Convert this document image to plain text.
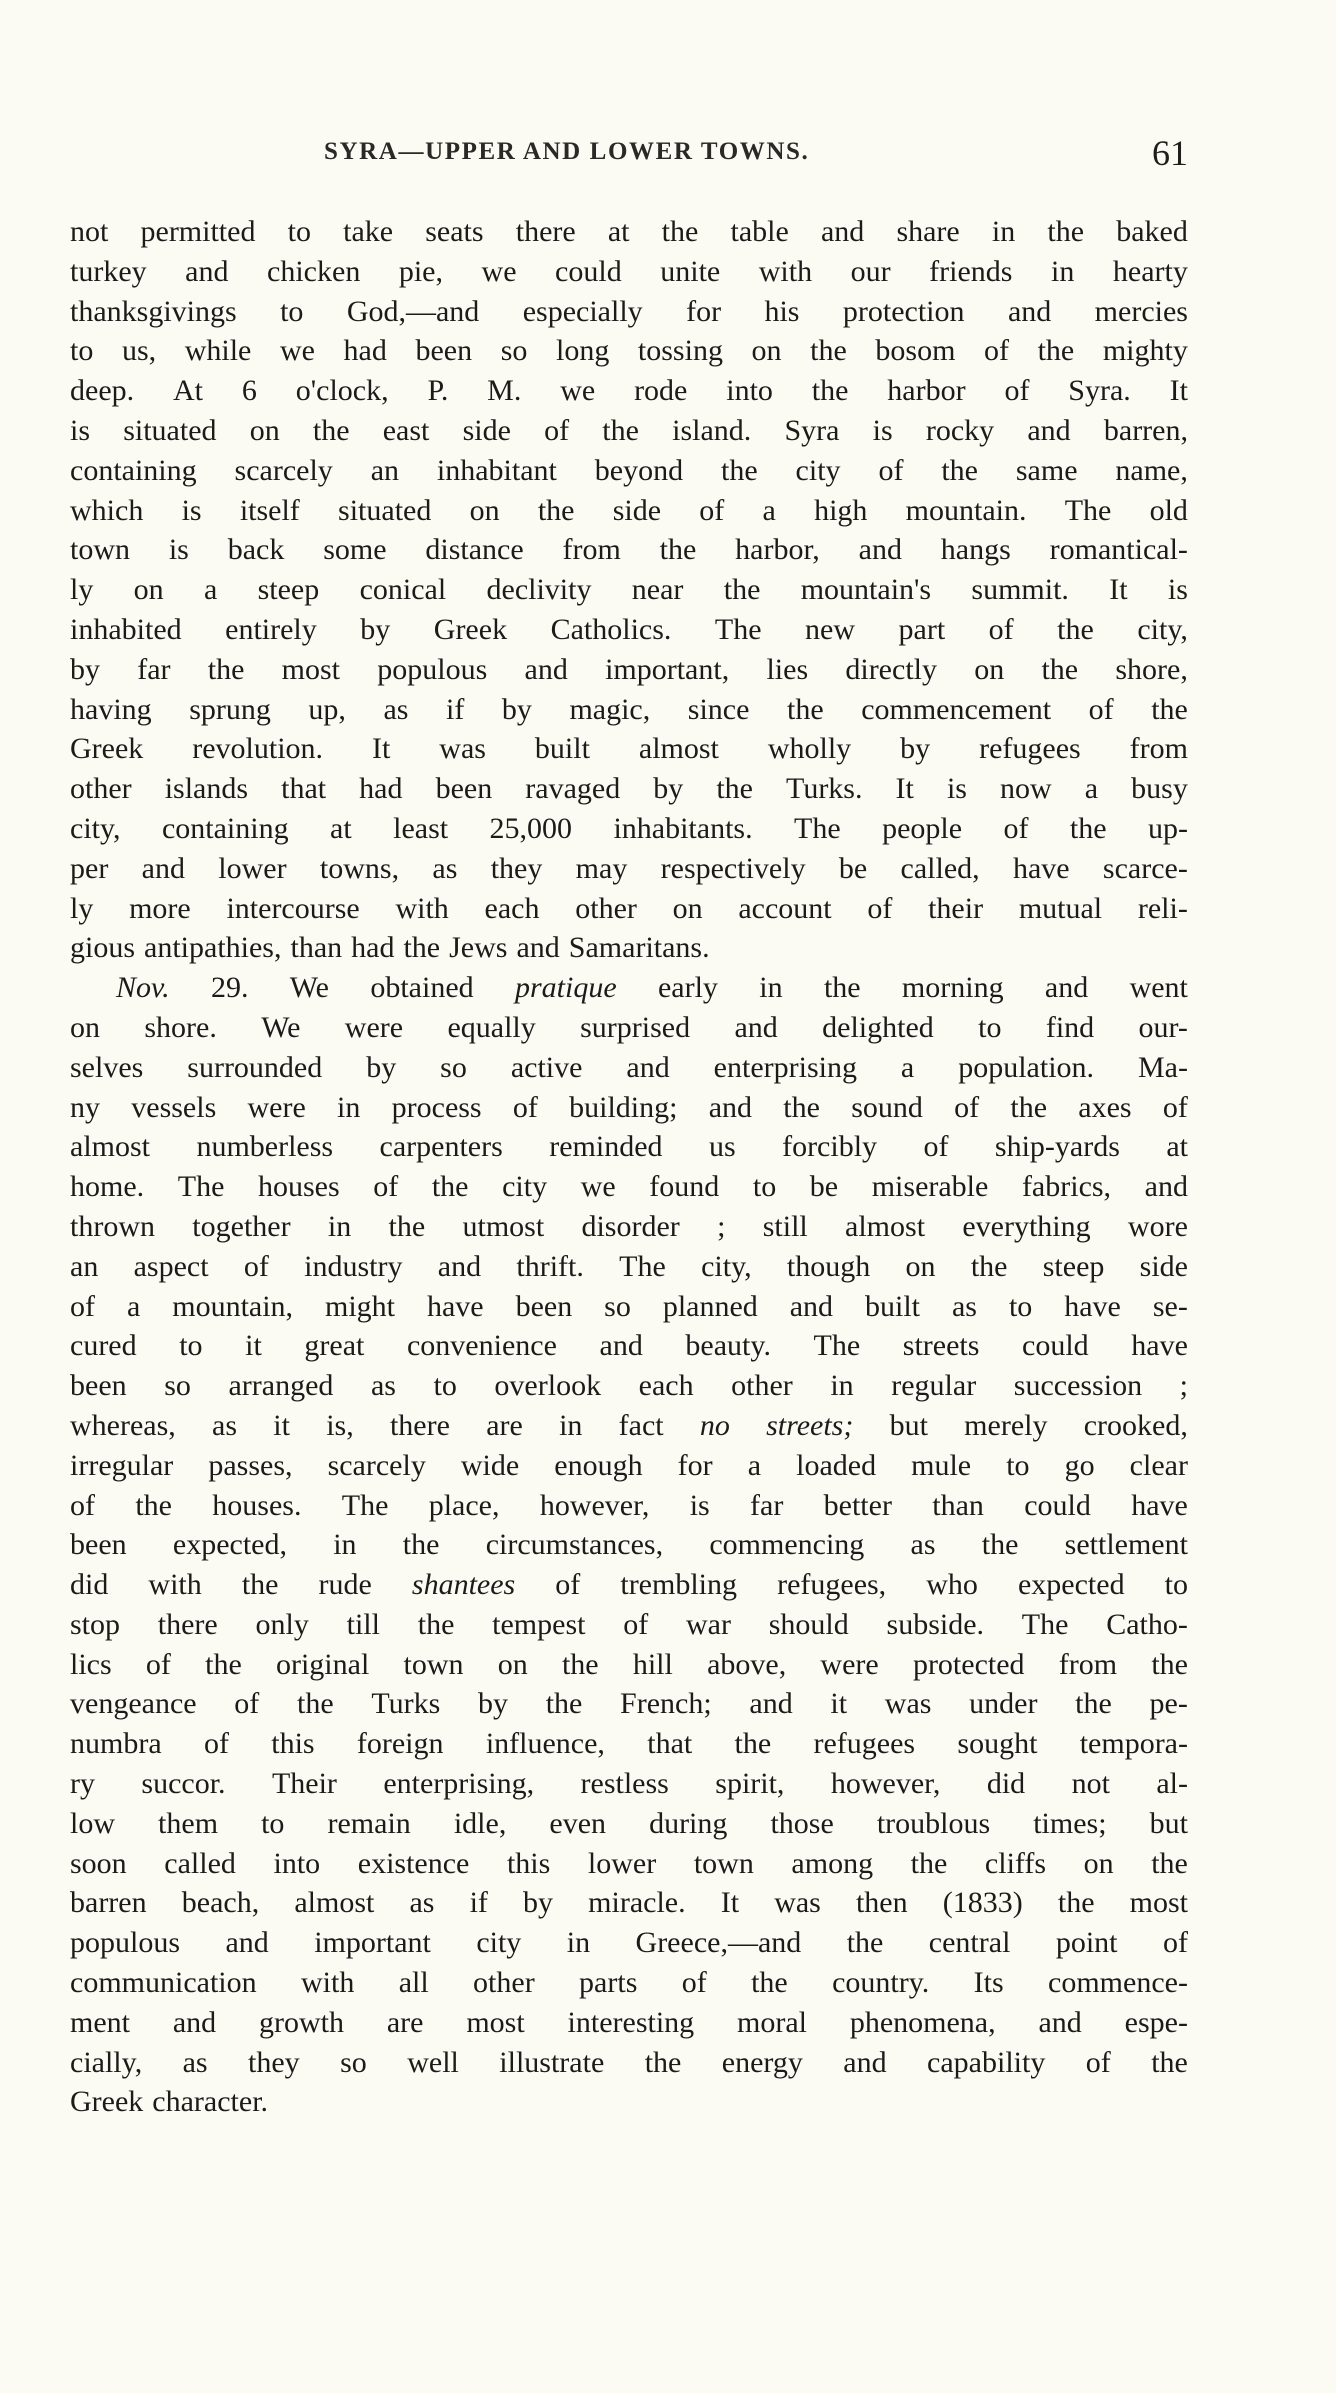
SYRA—UPPER AND LOWER TOWNS.	61
not permitted to take seats there at the table and share in the baked
turkey and chicken pie, we could unite with our friends in hearty
thanksgivings to God,—and especially for his protection and mercies
to us, while we had been so long tossing on the bosom of the mighty
deep. At 6 o'clock, P. M. we rode into the harbor of Syra. It
is situated on the east side of the island. Syra is rocky and barren,
containing scarcely an inhabitant beyond the city of the same name,
which is itself situated on the side of a high mountain. The old
town is back some distance from the harbor, and hangs romantical-
ly on a steep conical declivity near the mountain's summit. It is
inhabited entirely by Greek Catholics. The new part of the city,
by far the most populous and important, lies directly on the shore,
having sprung up, as if by magic, since the commencement of the
Greek revolution. It was built almost wholly by refugees from
other islands that had been ravaged by the Turks. It is now a busy
city, containing at least 25,000 inhabitants. The people of the up-
per and lower towns, as they may respectively be called, have scarce-
ly more intercourse with each other on account of their mutual reli-
gious antipathies, than had the Jews and Samaritans.
Nov. 29. We obtained pratique early in the morning and went
on shore. We were equally surprised and delighted to find our-
selves surrounded by so active and enterprising a population. Ma-
ny vessels were in process of building; and the sound of the axes of
almost numberless carpenters reminded us forcibly of ship-yards at
home. The houses of the city we found to be miserable fabrics, and
thrown together in the utmost disorder ; still almost everything wore
an aspect of industry and thrift. The city, though on the steep side
of a mountain, might have been so planned and built as to have se-
cured to it great convenience and beauty. The streets could have
been so arranged as to overlook each other in regular succession ;
whereas, as it is, there are in fact no streets; but merely crooked,
irregular passes, scarcely wide enough for a loaded mule to go clear
of the houses. The place, however, is far better than could have
been expected, in the circumstances, commencing as the settlement
did with the rude shantees of trembling refugees, who expected to
stop there only till the tempest of war should subside. The Catho-
lics of the original town on the hill above, were protected from the
vengeance of the Turks by the French; and it was under the pe-
numbra of this foreign influence, that the refugees sought tempora-
ry succor. Their enterprising, restless spirit, however, did not al-
low them to remain idle, even during those troublous times; but
soon called into existence this lower town among the cliffs on the
barren beach, almost as if by miracle. It was then (1833) the most
populous and important city in Greece,—and the central point of
communication with all other parts of the country. Its commence-
ment and growth are most interesting moral phenomena, and espe-
cially, as they so well illustrate the energy and capability of the
Greek character.
